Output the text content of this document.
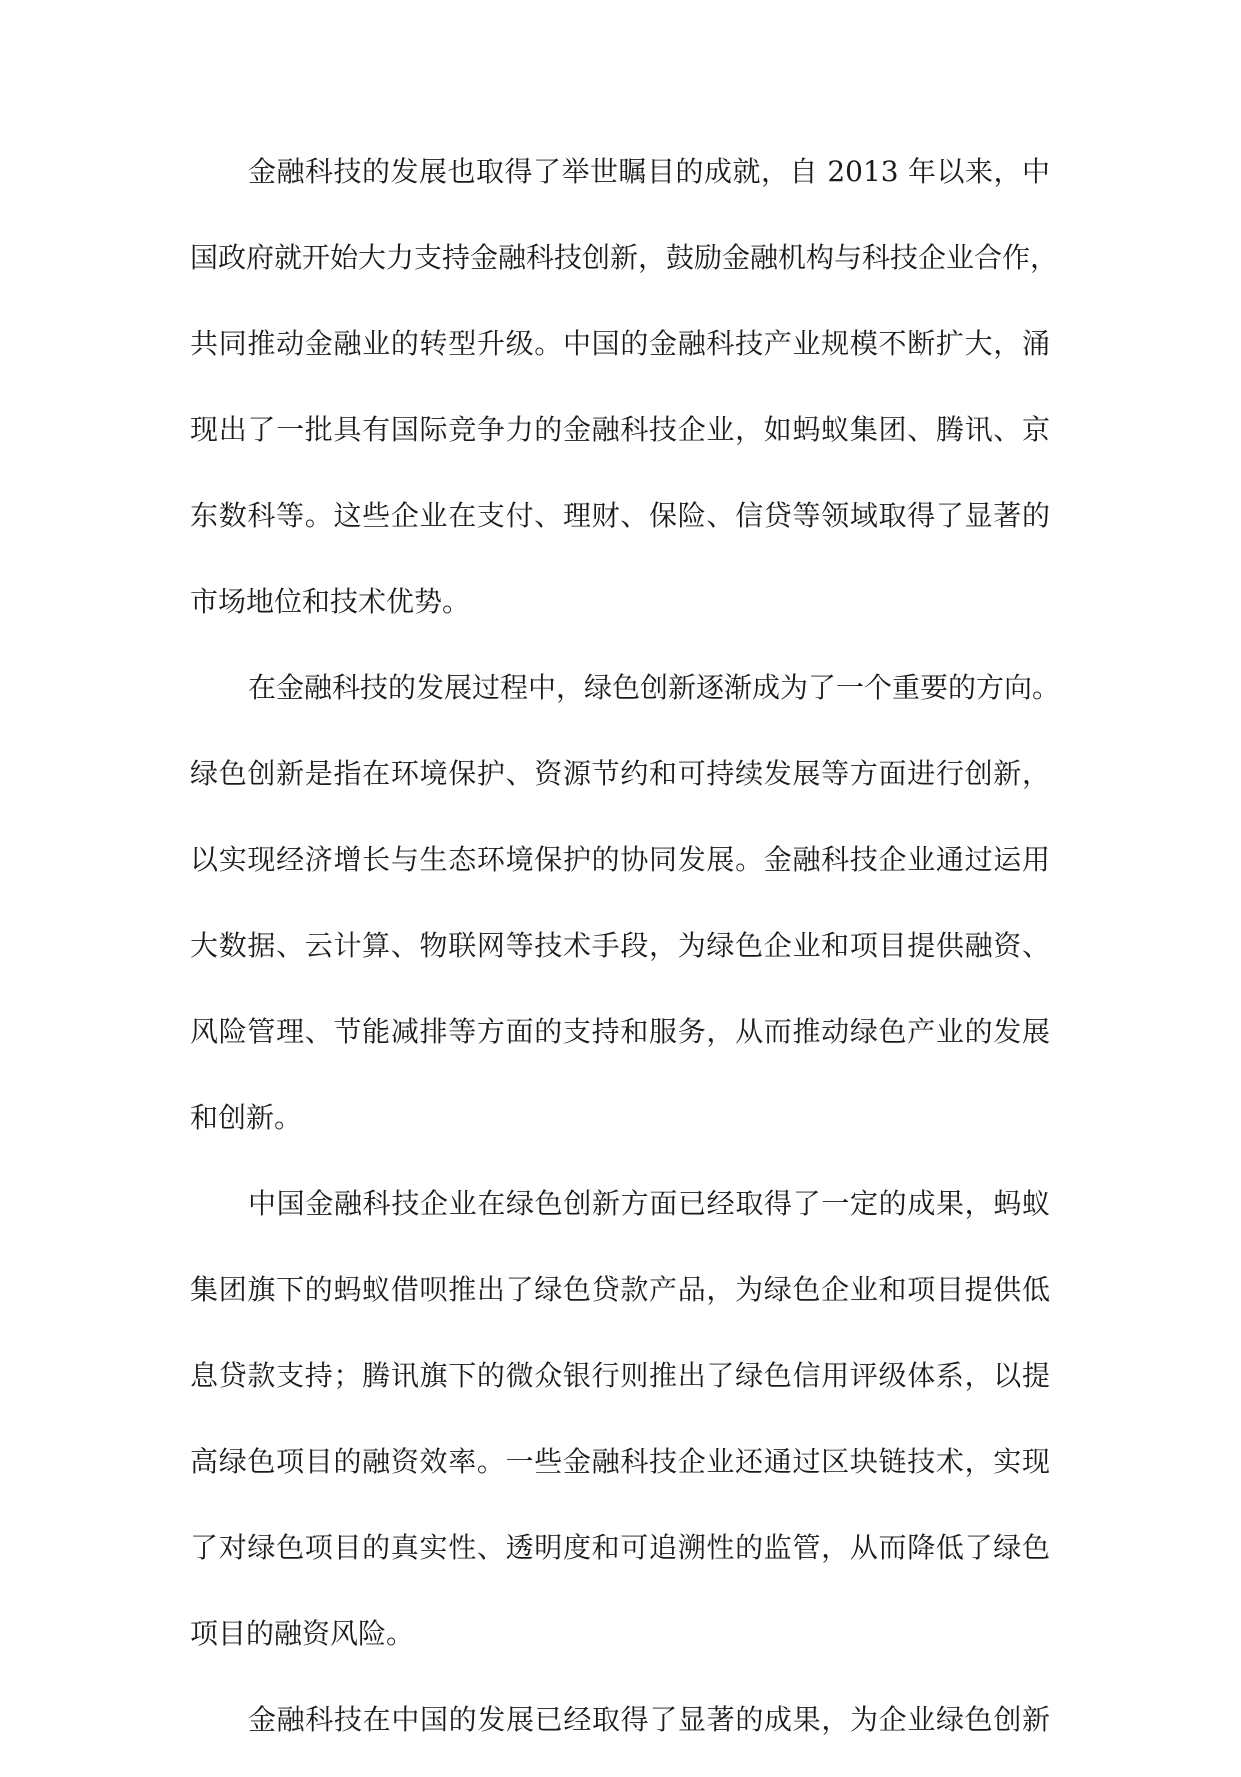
金融科技的发展也取得了举世瞩目的成就，自 2013 年以来，中
国政府就开始大力支持金融科技创新，鼓励金融机构与科技企业合作，
共同推动金融业的转型升级。中国的金融科技产业规模不断扩大，涌
现出了一批具有国际竞争力的金融科技企业，如蚂蚁集团、腾讯、京
东数科等。这些企业在支付、理财、保险、信贷等领域取得了显著的
市场地位和技术优势。
在金融科技的发展过程中，绿色创新逐渐成为了一个重要的方向。
绿色创新是指在环境保护、资源节约和可持续发展等方面进行创新，
以实现经济增长与生态环境保护的协同发展。金融科技企业通过运用
大数据、云计算、物联网等技术手段，为绿色企业和项目提供融资、
风险管理、节能减排等方面的支持和服务，从而推动绿色产业的发展
和创新。
中国金融科技企业在绿色创新方面已经取得了一定的成果，蚂蚁
集团旗下的蚂蚁借呗推出了绿色贷款产品，为绿色企业和项目提供低
息贷款支持；腾讯旗下的微众银行则推出了绿色信用评级体系，以提
高绿色项目的融资效率。一些金融科技企业还通过区块链技术，实现
了对绿色项目的真实性、透明度和可追溯性的监管，从而降低了绿色
项目的融资风险。
金融科技在中国的发展已经取得了显著的成果，为企业绿色创新
